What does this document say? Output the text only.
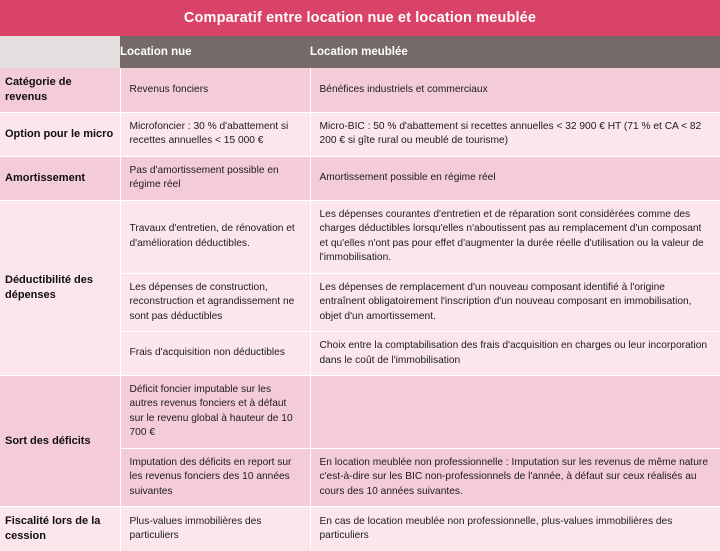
Comparatif entre location nue et location meublée
	Location nue	Location meublée
Catégorie de revenus	Revenus fonciers	Bénéfices industriels et commerciaux
Option pour le micro	Microfoncier : 30 % d'abattement si recettes annuelles < 15 000 €	Micro-BIC : 50 % d'abattement si recettes annuelles < 32 900 € HT (71 % et CA < 82 200 € si gîte rural ou meublé de tourisme)
Amortissement	Pas d'amortissement possible en régime réel	Amortissement possible en régime réel
Déductibilité des dépenses	Travaux d'entretien, de rénovation et d'amélioration déductibles.	Les dépenses courantes d'entretien et de réparation sont considérées comme des charges déductibles lorsqu'elles n'aboutissent pas au remplacement d'un composant et qu'elles n'ont pas pour effet d'augmenter la durée réelle d'utilisation ou la valeur de l'immobilisation.
	Les dépenses de construction, reconstruction et agrandissement ne sont pas déductibles	Les dépenses de remplacement d'un nouveau composant identifié à l'origine entraînent obligatoirement l'inscription d'un nouveau composant en immobilisation, objet d'un amortissement.
	Frais d'acquisition non déductibles	Choix entre la comptabilisation des frais d'acquisition en charges ou leur incorporation dans le coût de l'immobilisation
Sort des déficits	Déficit foncier imputable sur les autres revenus fonciers et à défaut sur le revenu global à hauteur de 10 700 €	
	Imputation des déficits en report sur les revenus fonciers des 10 années suivantes	En location meublée non professionnelle : Imputation sur les revenus de même nature c'est-à-dire sur les BIC non-professionnels de l'année, à défaut sur ceux réalisés au cours des 10 années suivantes.
Fiscalité lors de la cession	Plus-values immobilières des particuliers	En cas de location meublée non professionnelle, plus-values immobilières des particuliers
